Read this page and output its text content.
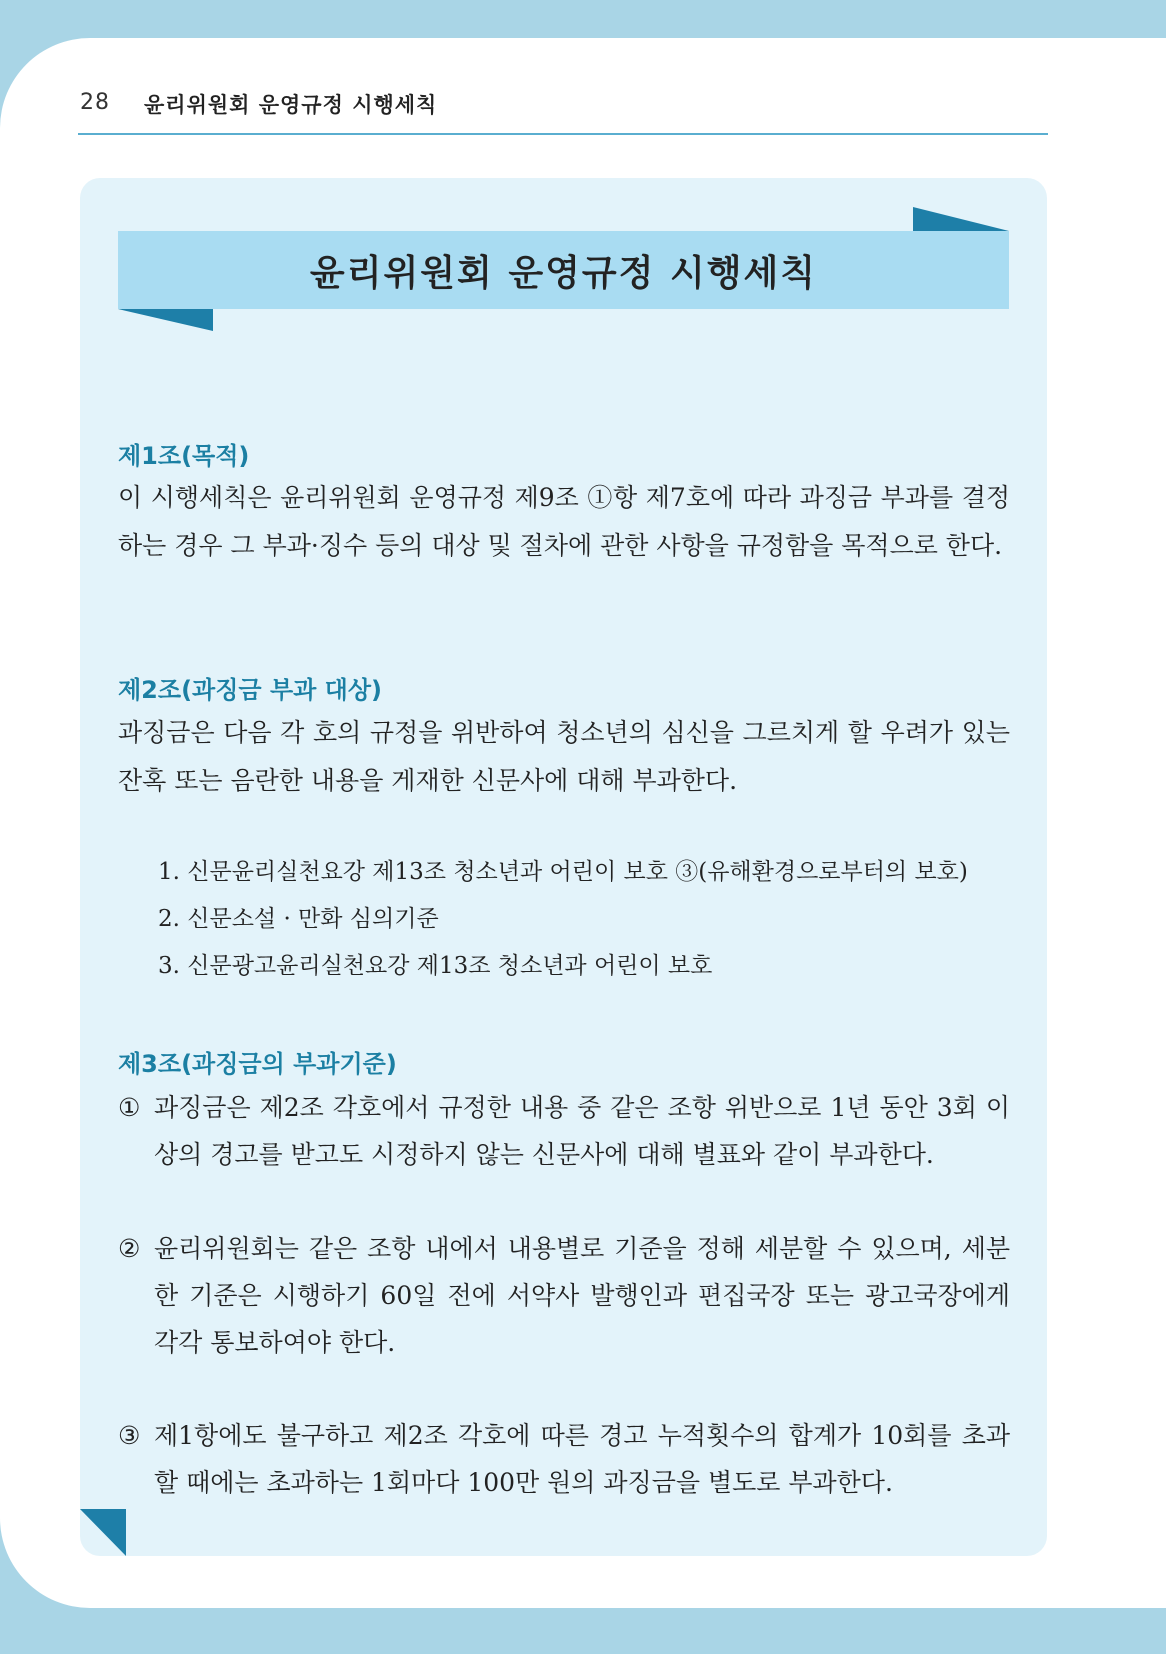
28 윤리위원회 운영규정 시행세칙
윤리위원회 운영규정 시행세칙
제1조(목적)

이 시행세칙은 윤리위원회 운영규정 제9조 ①항 제7호에 따라 과징금 부과를 결정하는 경우 그 부과·징수 등의 대상 및 절차에 관한 사항을 규정함을 목적으로 한다.

제2조(과징금 부과 대상)

과징금은 다음 각 호의 규정을 위반하여 청소년의 심신을 그르치게 할 우려가 있는 잔혹 또는 음란한 내용을 게재한 신문사에 대해 부과한다.

1. 신문윤리실천요강 제13조 청소년과 어린이 보호 ③(유해환경으로부터의 보호)
2. 신문소설 · 만화 심의기준
3. 신문광고윤리실천요강 제13조 청소년과 어린이 보호
제3조(과징금의 부과기준)
① 과징금은 제2조 각호에서 규정한 내용 중 같은 조항 위반으로 1년 동안 3회 이상의 경고를 받고도 시정하지 않는 신문사에 대해 별표와 같이 부과한다.
② 윤리위원회는 같은 조항 내에서 내용별로 기준을 정해 세분할 수 있으며, 세분한 기준은 시행하기 60일 전에 서약사 발행인과 편집국장 또는 광고국장에게 각각 통보하여야 한다.
③ 제1항에도 불구하고 제2조 각호에 따른 경고 누적횟수의 합계가 10회를 초과할 때에는 초과하는 1회마다 100만 원의 과징금을 별도로 부과한다.
